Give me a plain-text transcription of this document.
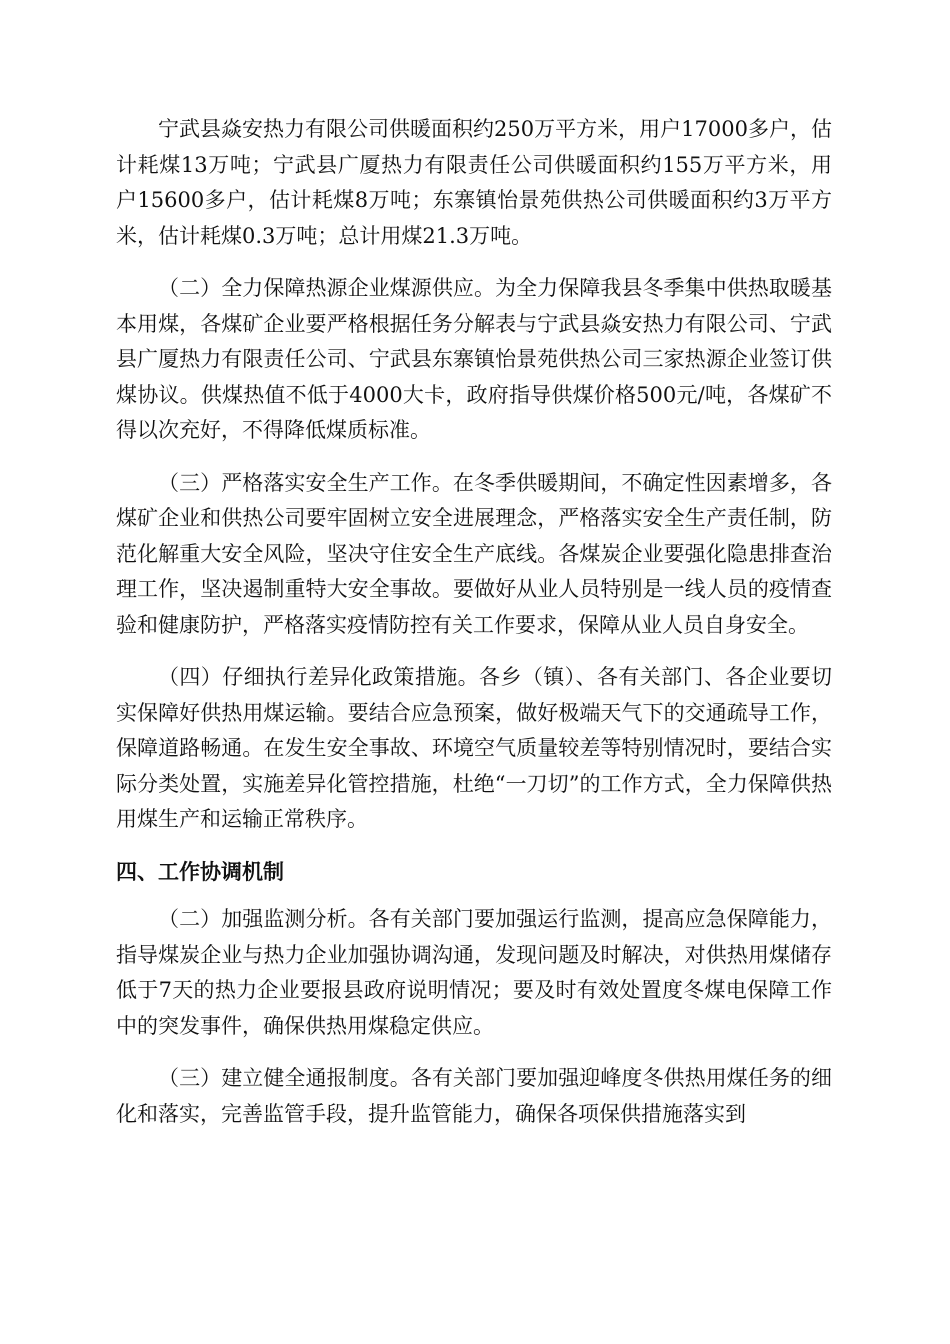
宁武县焱安热力有限公司供暖面积约250万平方米，用户17000多户，估计耗煤13万吨；宁武县广厦热力有限责任公司供暖面积约155万平方米，用户15600多户，估计耗煤8万吨；东寨镇怡景苑供热公司供暖面积约3万平方米，估计耗煤0.3万吨；总计用煤21.3万吨。

（二）全力保障热源企业煤源供应。为全力保障我县冬季集中供热取暖基本用煤，各煤矿企业要严格根据任务分解表与宁武县焱安热力有限公司、宁武县广厦热力有限责任公司、宁武县东寨镇怡景苑供热公司三家热源企业签订供煤协议。供煤热值不低于4000大卡，政府指导供煤价格500元/吨，各煤矿不得以次充好，不得降低煤质标准。

（三）严格落实安全生产工作。在冬季供暖期间，不确定性因素增多，各煤矿企业和供热公司要牢固树立安全进展理念，严格落实安全生产责任制，防范化解重大安全风险，坚决守住安全生产底线。各煤炭企业要强化隐患排查治理工作，坚决遏制重特大安全事故。要做好从业人员特别是一线人员的疫情查验和健康防护，严格落实疫情防控有关工作要求，保障从业人员自身安全。

（四）仔细执行差异化政策措施。各乡（镇）、各有关部门、各企业要切实保障好供热用煤运输。要结合应急预案，做好极端天气下的交通疏导工作，保障道路畅通。在发生安全事故、环境空气质量较差等特别情况时，要结合实际分类处置，实施差异化管控措施，杜绝“一刀切”的工作方式，全力保障供热用煤生产和运输正常秩序。

四、工作协调机制

（二）加强监测分析。各有关部门要加强运行监测，提高应急保障能力，指导煤炭企业与热力企业加强协调沟通，发现问题及时解决，对供热用煤储存低于7天的热力企业要报县政府说明情况；要及时有效处置度冬煤电保障工作中的突发事件，确保供热用煤稳定供应。

（三）建立健全通报制度。各有关部门要加强迎峰度冬供热用煤任务的细化和落实，完善监管手段，提升监管能力，确保各项保供措施落实到
